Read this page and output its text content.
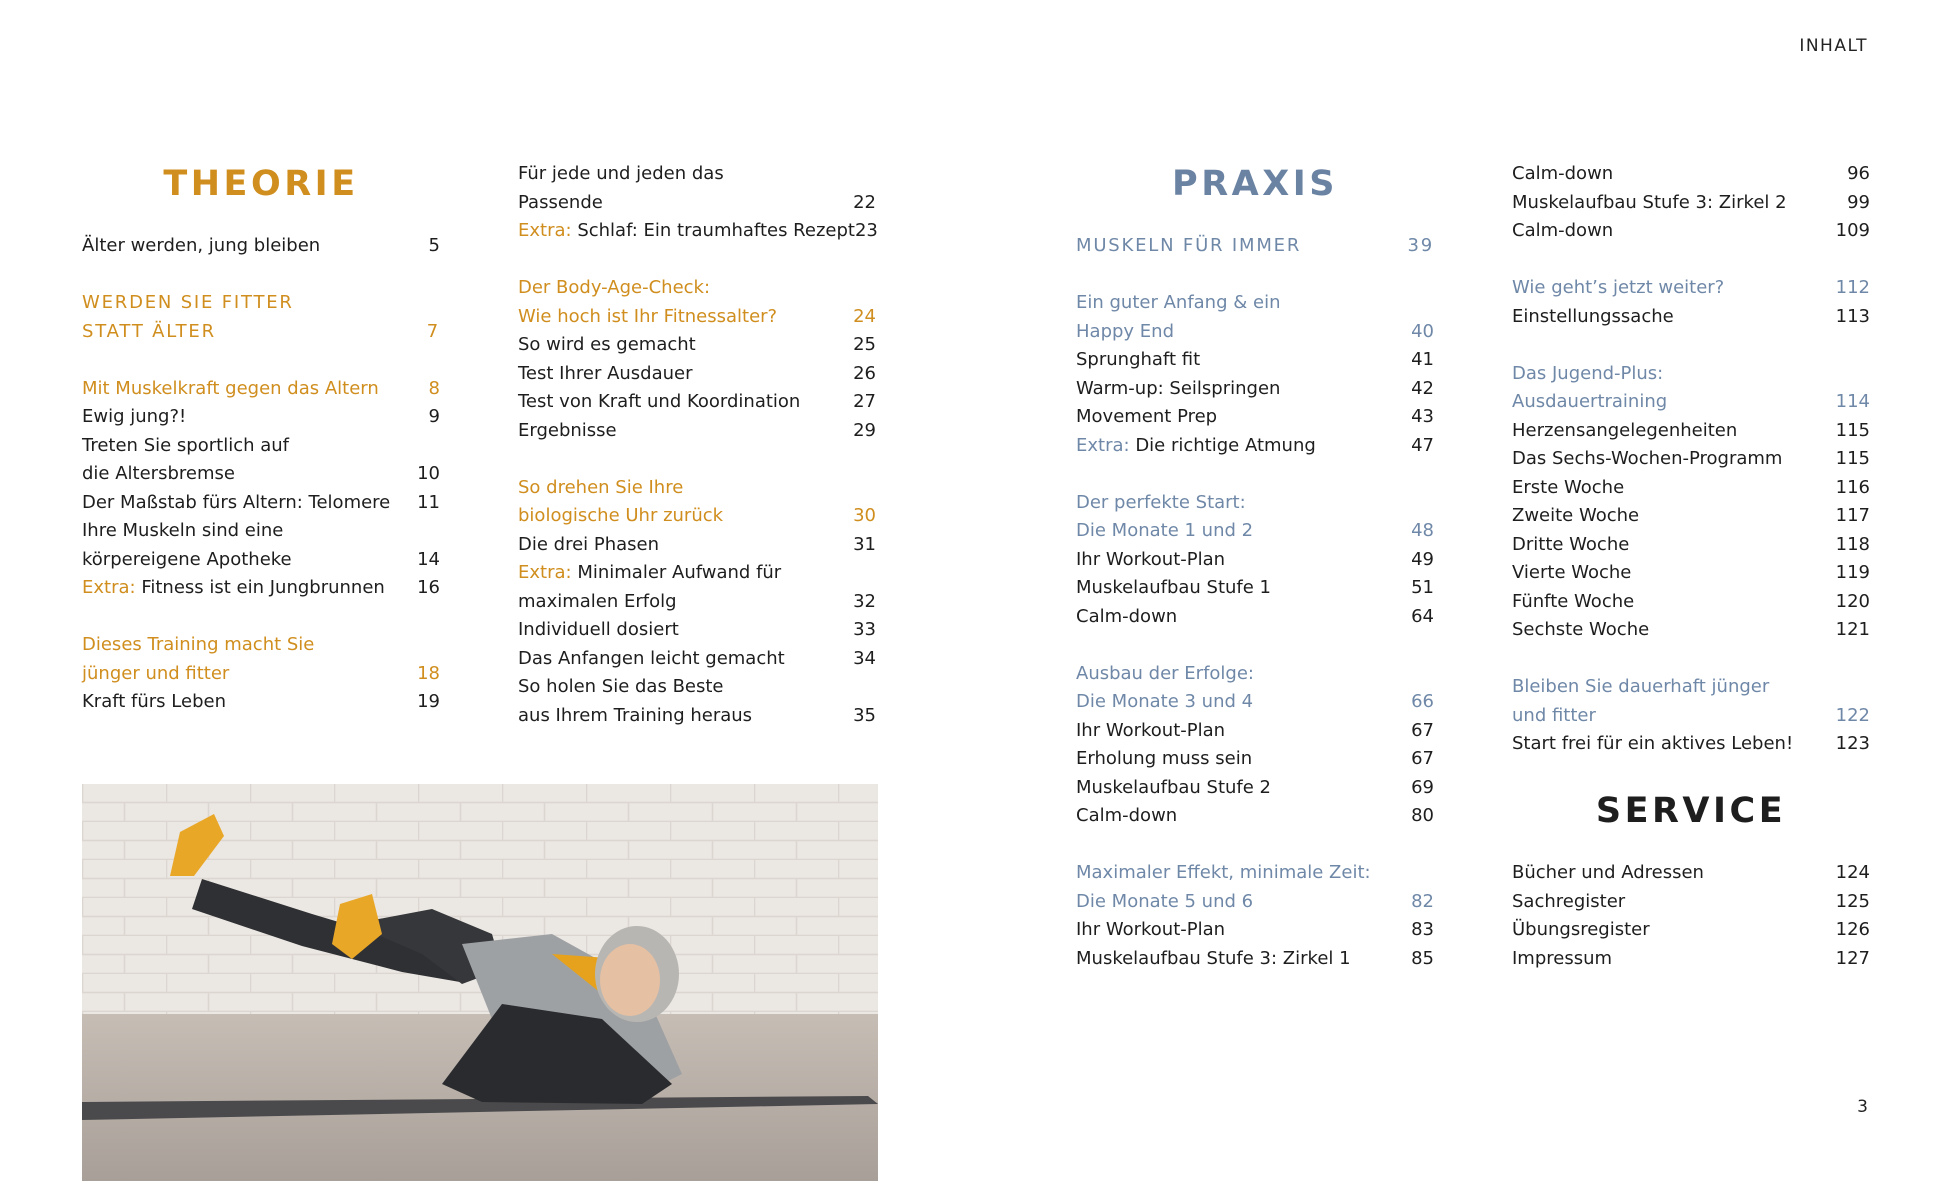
INHALT
THEORIE
Älter werden, jung bleiben	5
WERDEN SIE FITTER
STATT ÄLTER	7
Mit Muskelkraft gegen das Altern	8
Ewig jung?!	9
Treten Sie sportlich auf
die Altersbremse	10
Der Maßstab fürs Altern: Telomere	11
Ihre Muskeln sind eine
körpereigene Apotheke	14
Extra: Fitness ist ein Jungbrunnen	16
Dieses Training macht Sie
jünger und fitter	18
Kraft fürs Leben	19
Für jede und jeden das
Passende	22
Extra: Schlaf: Ein traumhaftes Rezept 23
Der Body-Age-Check:
Wie hoch ist Ihr Fitnessalter?	24
So wird es gemacht	25
Test Ihrer Ausdauer	26
Test von Kraft und Koordination	27
Ergebnisse	29
So drehen Sie Ihre
biologische Uhr zurück	30
Die drei Phasen	31
Extra: Minimaler Aufwand für
maximalen Erfolg	32
Individuell dosiert	33
Das Anfangen leicht gemacht	34
So holen Sie das Beste
aus Ihrem Training heraus	35
PRAXIS
MUSKELN FÜR IMMER	39
Ein guter Anfang & ein
Happy End	40
Sprunghaft fit	41
Warm-up: Seilspringen	42
Movement Prep	43
Extra: Die richtige Atmung	47
Der perfekte Start:
Die Monate 1 und 2	48
Ihr Workout-Plan	49
Muskelaufbau Stufe 1	51
Calm-down	64
Ausbau der Erfolge:
Die Monate 3 und 4	66
Ihr Workout-Plan	67
Erholung muss sein	67
Muskelaufbau Stufe 2	69
Calm-down	80
Maximaler Effekt, minimale Zeit:
Die Monate 5 und 6	82
Ihr Workout-Plan	83
Muskelaufbau Stufe 3: Zirkel 1	85
Calm-down	96
Muskelaufbau Stufe 3: Zirkel 2	99
Calm-down	109
Wie geht’s jetzt weiter?	112
Einstellungssache	113
Das Jugend-Plus:
Ausdauertraining	114
Herzensangelegenheiten	115
Das Sechs-Wochen-Programm	115
Erste Woche	116
Zweite Woche	117
Dritte Woche	118
Vierte Woche	119
Fünfte Woche	120
Sechste Woche	121
Bleiben Sie dauerhaft jünger
und fitter	122
Start frei für ein aktives Leben!	123
SERVICE
Bücher und Adressen	124
Sachregister	125
Übungsregister	126
Impressum	127
3
